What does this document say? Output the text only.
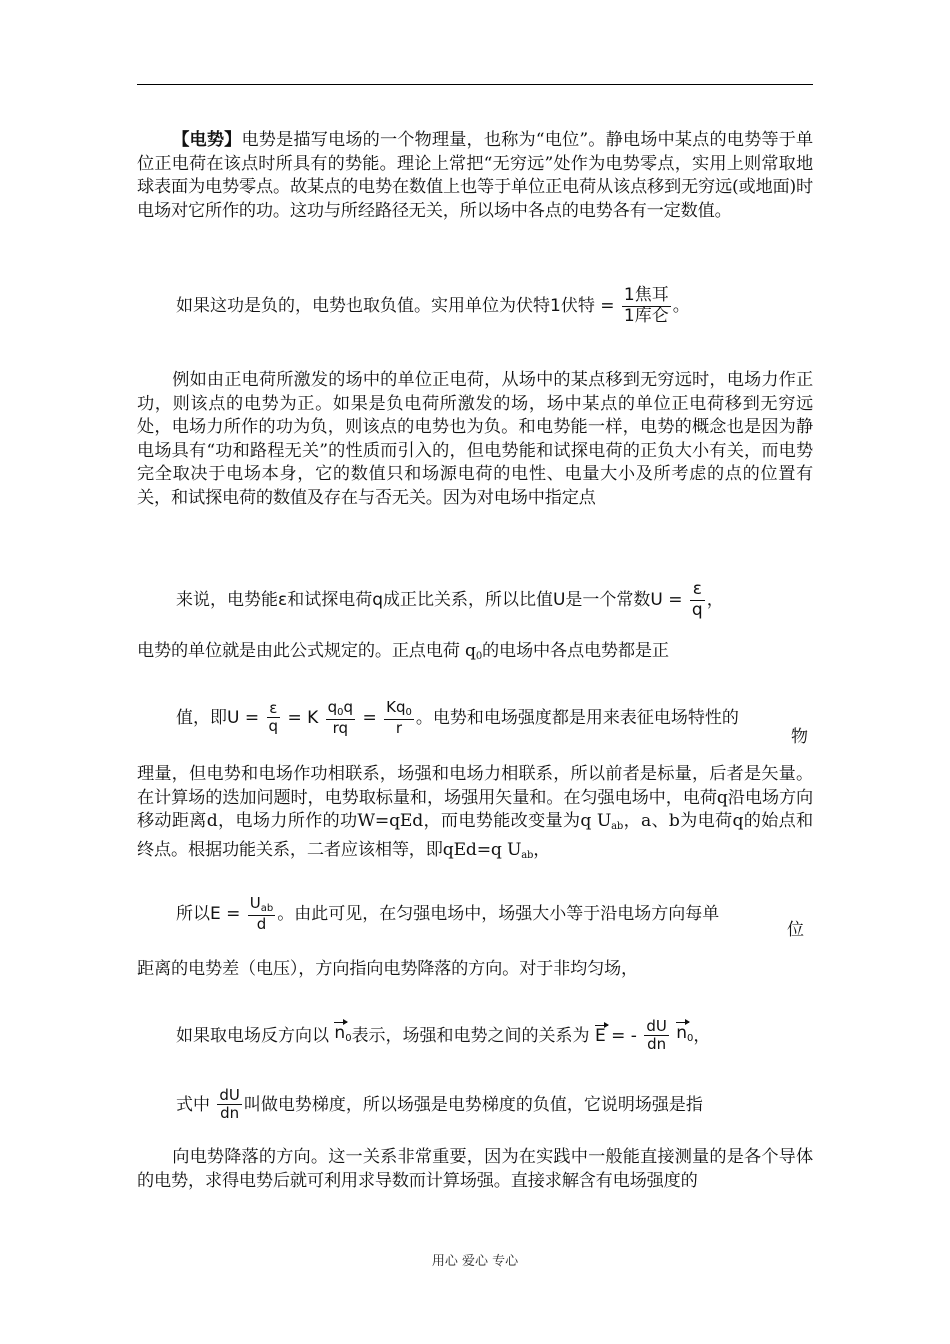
【电势】电势是描写电场的一个物理量，也称为“电位”。静电场中某点的电势等于单位正电荷在该点时所具有的势能。理论上常把“无穷远”处作为电势零点，实用上则常取地球表面为电势零点。故某点的电势在数值上也等于单位正电荷从该点移到无穷远(或地面)时电场对它所作的功。这功与所经路径无关，所以场中各点的电势各有一定数值。

如果这功是负的，电势也取负值。实用单位为伏特1伏特 = $\frac{\text{1焦耳}}{\text{1库仑}}$ 。

例如由正电荷所激发的场中的单位正电荷，从场中的某点移到无穷远时，电场力作正功，则该点的电势为正。如果是负电荷所激发的场，场中某点的单位正电荷移到无穷远处，电场力所作的功为负，则该点的电势也为负。和电势能一样，电势的概念也是因为静电场具有“功和路程无关”的性质而引入的，但电势能和试探电荷的正负大小有关，而电势完全取决于电场本身，它的数值只和场源电荷的电性、电量大小及所考虑的点的位置有关，和试探电荷的数值及存在与否无关。因为对电场中指定点

来说，电势能ε和试探电荷q成正比关系，所以比值U是一个常数$U = \frac{\varepsilon}{q}$ ，

电势的单位就是由此公式规定的。正点电荷 $q_0$的电场中各点电势都是正

值，即$U = \frac{\varepsilon}{q} = K \frac{q_0q}{rq} = \frac{Kq_0}{r}$ 。电势和电场强度都是用来表征电场特性的

物

理量，但电势和电场作功相联系，场强和电场力相联系，所以前者是标量，后者是矢量。在计算场的迭加问题时，电势取标量和，场强用矢量和。在匀强电场中，电荷q沿电场方向移动距离d，电场力所作的功W=qEd，而电势能改变量为q $U_{ab}$，a、b为电荷q的始点和终点。根据功能关系，二者应该相等，即qEd=q $U_{ab}$，

所以$E = \frac{U_{ab}}{d}$ 。由此可见，在匀强电场中，场强大小等于沿电场方向每单

位

距离的电势差（电压），方向指向电势降落的方向。对于非均匀场，

如果取电场反方向以 $n_0$表示，场强和电势之间的关系为 E = - $\frac{dU}{dn} n_0$，

式中 $\frac{dU}{dn}$ 叫做电势梯度，所以场强是电势梯度的负值，它说明场强是指

向电势降落的方向。这一关系非常重要，因为在实践中一般能直接测量的是各个导体的电势，求得电势后就可利用求导数而计算场强。直接求解含有电场强度的

用心 爱心 专心
